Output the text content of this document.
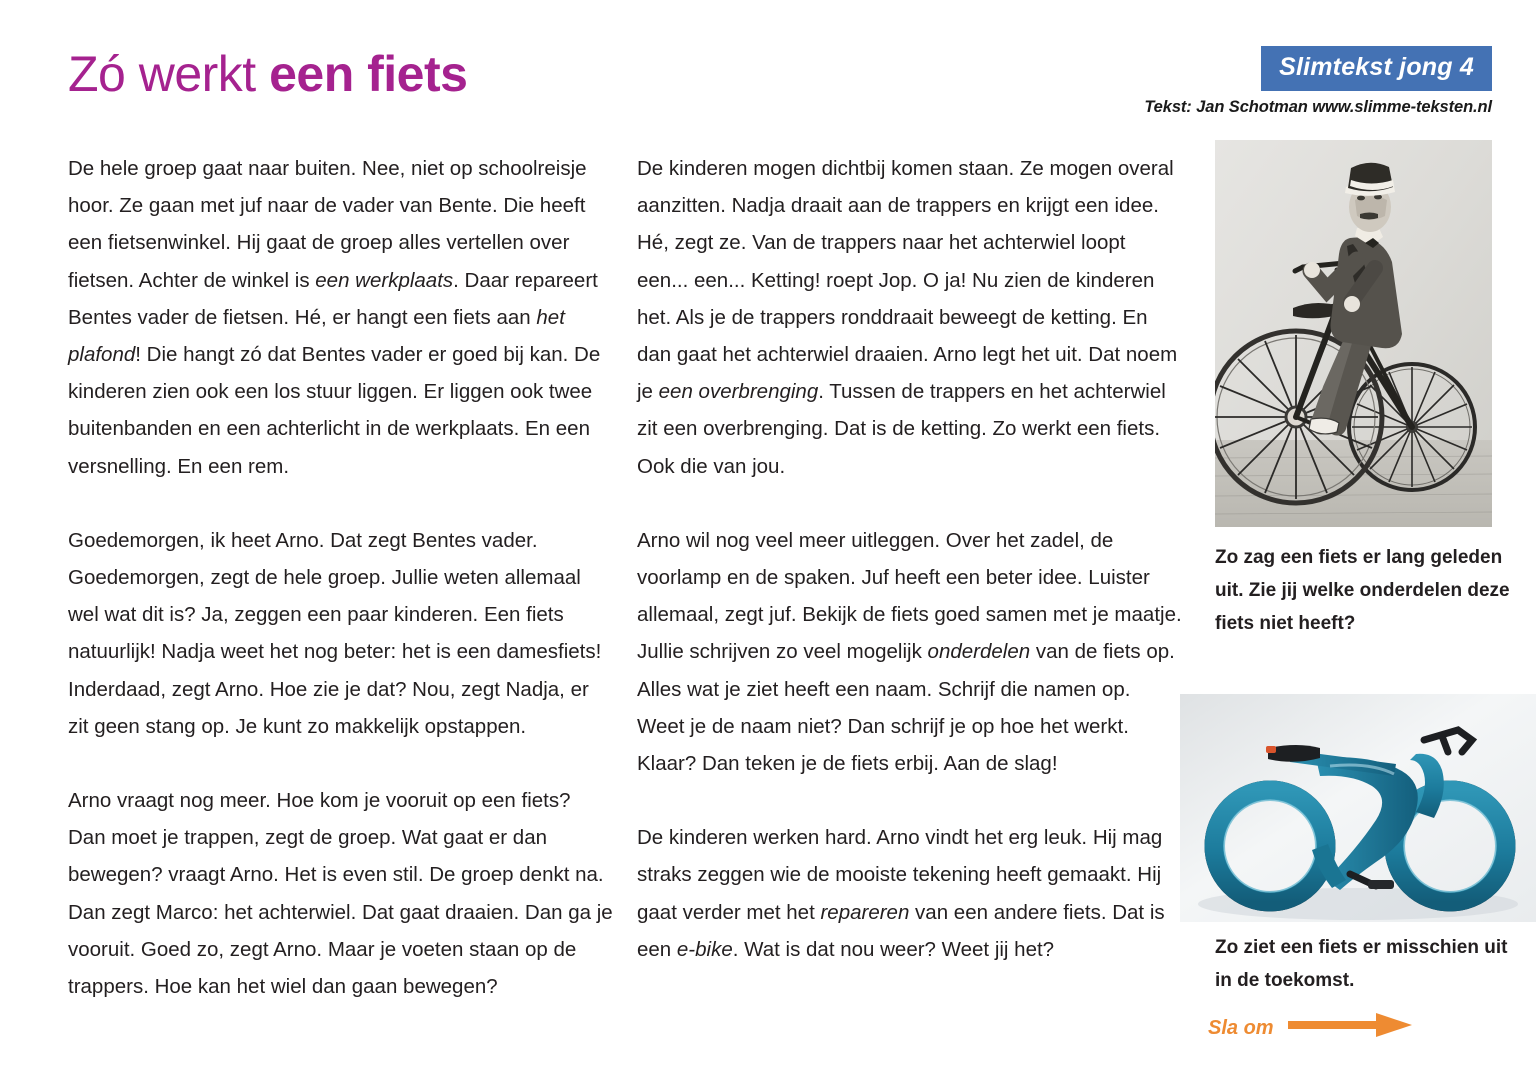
Zó werkt een fiets	Slimtekst jong 4
Tekst: Jan Schotman www.slimme-teksten.nl

De hele groep gaat naar buiten. Nee, niet op schoolreisje hoor. Ze gaan met juf naar de vader van Bente. Die heeft een fietsenwinkel. Hij gaat de groep alles vertellen over fietsen. Achter de winkel is een werkplaats. Daar repareert Bentes vader de fietsen. Hé, er hangt een fiets aan het plafond! Die hangt zó dat Bentes vader er goed bij kan. De kinderen zien ook een los stuur liggen. Er liggen ook twee buitenbanden en een achterlicht in de werkplaats. En een versnelling. En een rem.

Goedemorgen, ik heet Arno. Dat zegt Bentes vader. Goedemorgen, zegt de hele groep. Jullie weten allemaal wel wat dit is? Ja, zeggen een paar kinderen. Een fiets natuurlijk! Nadja weet het nog beter: het is een damesfiets! Inderdaad, zegt Arno. Hoe zie je dat? Nou, zegt Nadja, er zit geen stang op. Je kunt zo makkelijk opstappen.

Arno vraagt nog meer. Hoe kom je vooruit op een fiets? Dan moet je trappen, zegt de groep. Wat gaat er dan bewegen? vraagt Arno. Het is even stil. De groep denkt na. Dan zegt Marco: het achterwiel. Dat gaat draaien. Dan ga je vooruit. Goed zo, zegt Arno. Maar je voeten staan op de trappers. Hoe kan het wiel dan gaan bewegen?

De kinderen mogen dichtbij komen staan. Ze mogen overal aanzitten. Nadja draait aan de trappers en krijgt een idee. Hé, zegt ze. Van de trappers naar het achterwiel loopt een... een... Ketting! roept Jop. O ja! Nu zien de kinderen het. Als je de trappers ronddraait beweegt de ketting. En dan gaat het achterwiel draaien. Arno legt het uit. Dat noem je een overbrenging. Tussen de trappers en het achterwiel zit een overbrenging. Dat is de ketting. Zo werkt een fiets. Ook die van jou.

Arno wil nog veel meer uitleggen. Over het zadel, de voorlamp en de spaken. Juf heeft een beter idee. Luister allemaal, zegt juf. Bekijk de fiets goed samen met je maatje. Jullie schrijven zo veel mogelijk onderdelen van de fiets op. Alles wat je ziet heeft een naam. Schrijf die namen op. Weet je de naam niet? Dan schrijf je op hoe het werkt. Klaar? Dan teken je de fiets erbij. Aan de slag!

De kinderen werken hard. Arno vindt het erg leuk. Hij mag straks zeggen wie de mooiste tekening heeft gemaakt. Hij gaat verder met het repareren van een andere fiets. Dat is een e-bike. Wat is dat nou weer? Weet jij het?

Zo zag een fiets er lang geleden uit. Zie jij welke onderdelen deze fiets niet heeft?
Zo ziet een fiets er misschien uit in de toekomst.
Sla om
